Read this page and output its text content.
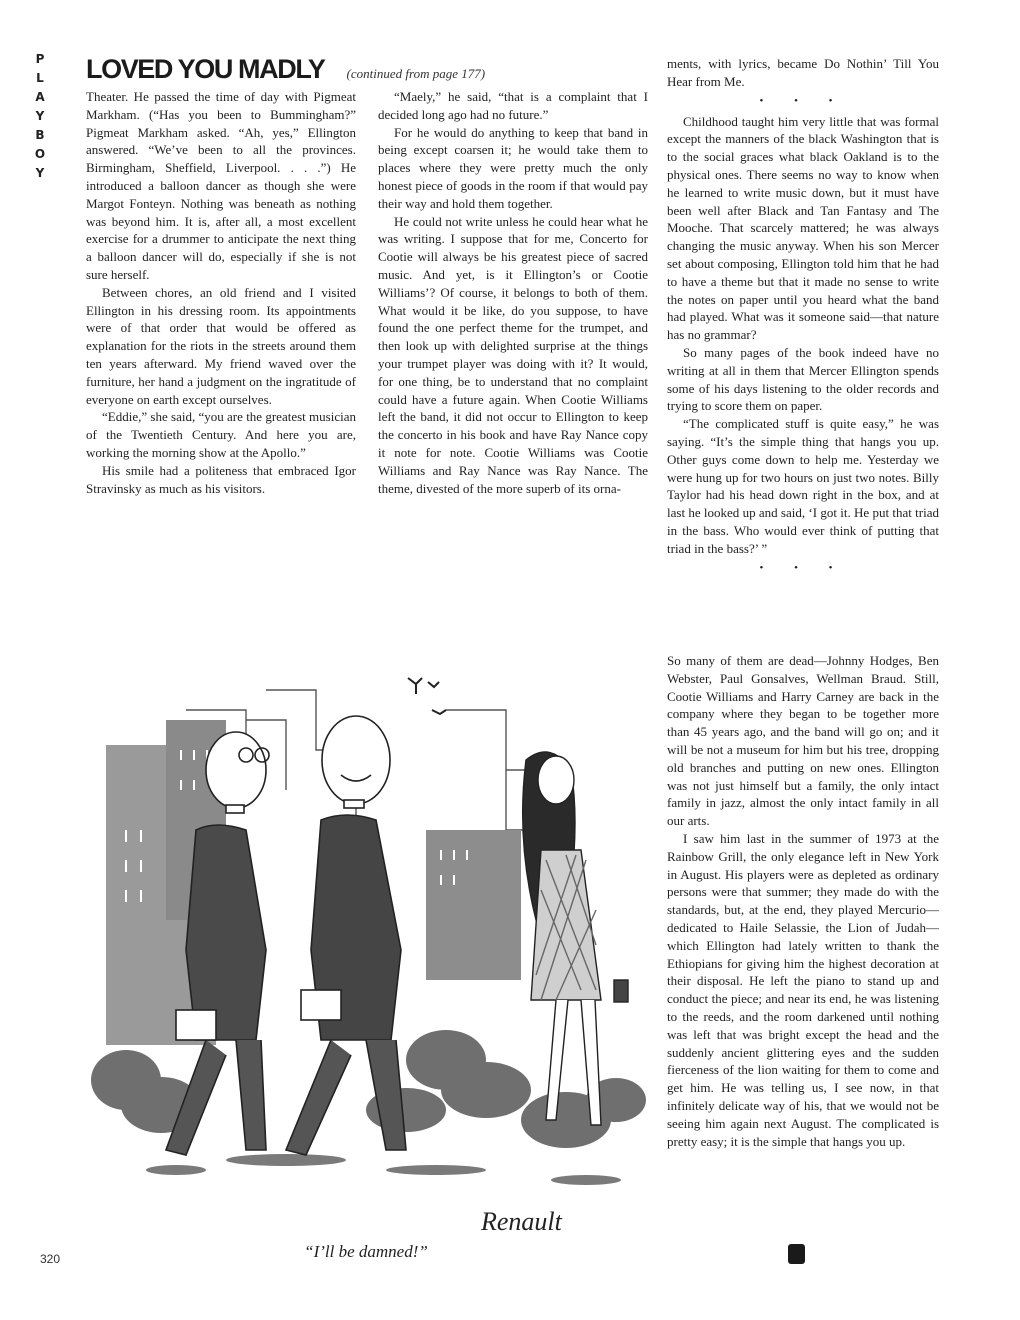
P
L
A
Y
B
O
Y
LOVED YOU MADLY (continued from page 177)

Theater. He passed the time of day with Pigmeat Markham. (“Has you been to Bummingham?” Pigmeat Markham asked. “Ah, yes,” Ellington answered. “We’ve been to all the provinces. Birmingham, Sheffield, Liverpool. . . .”) He introduced a balloon dancer as though she were Margot Fonteyn. Nothing was beneath as nothing was beyond him. It is, after all, a most excellent exercise for a drummer to anticipate the next thing a balloon dancer will do, especially if she is not sure herself.

Between chores, an old friend and I visited Ellington in his dressing room. Its appointments were of that order that would be offered as explanation for the riots in the streets around them ten years afterward. My friend waved over the furniture, her hand a judgment on the ingratitude of everyone on earth except ourselves.

“Eddie,” she said, “you are the greatest musician of the Twentieth Century. And here you are, working the morning show at the Apollo.”

His smile had a politeness that embraced Igor Stravinsky as much as his visitors.

“Maely,” he said, “that is a complaint that I decided long ago had no future.”

For he would do anything to keep that band in being except coarsen it; he would take them to places where they were pretty much the only honest piece of goods in the room if that would pay their way and hold them together.

He could not write unless he could hear what he was writing. I suppose that for me, Concerto for Cootie will always be his greatest piece of sacred music. And yet, is it Ellington’s or Cootie Williams’? Of course, it belongs to both of them. What would it be like, do you suppose, to have found the one perfect theme for the trumpet, and then look up with delighted surprise at the things your trumpet player was doing with it? It would, for one thing, be to understand that no complaint could have a future again. When Cootie Williams left the band, it did not occur to Ellington to keep the concerto in his book and have Ray Nance copy it note for note. Cootie Williams was Cootie Williams and Ray Nance was Ray Nance. The theme, divested of the more superb of its orna-

ments, with lyrics, became Do Nothin’ Till You Hear from Me.

• • •

Childhood taught him very little that was formal except the manners of the black Washington that is to the social graces what black Oakland is to the physical ones. There seems no way to know when he learned to write music down, but it must have been well after Black and Tan Fantasy and The Mooche. That scarcely mattered; he was always changing the music anyway. When his son Mercer set about composing, Ellington told him that he had to have a theme but that it made no sense to write the notes on paper until you heard what the band had played. What was it someone said—that nature has no grammar?

So many pages of the book indeed have no writing at all in them that Mercer Ellington spends some of his days listening to the older records and trying to score them on paper.

“The complicated stuff is quite easy,” he was saying. “It’s the simple thing that hangs you up. Other guys come down to help me. Yesterday we were hung up for two hours on just two notes. Billy Taylor had his head down right in the box, and at last he looked up and said, ‘I got it. He put that triad in the bass. Who would ever think of putting that triad in the bass?’ ”

• • •

So many of them are dead—Johnny Hodges, Ben Webster, Paul Gonsalves, Wellman Braud. Still, Cootie Williams and Harry Carney are back in the company where they began to be together more than 45 years ago, and the band will go on; and it will be not a museum for him but his tree, dropping old branches and putting on new ones. Ellington was not just himself but a family, the only intact family in jazz, almost the only intact family in all our arts.

I saw him last in the summer of 1973 at the Rainbow Grill, the only elegance left in New York in August. His players were as depleted as ordinary persons were that summer; they made do with the standards, but, at the end, they played Mercurio—dedicated to Haile Selassie, the Lion of Judah—which Ellington had lately written to thank the Ethiopians for giving him the highest decoration at their disposal. He left the piano to stand up and conduct the piece; and near its end, he was listening to the reeds, and the room darkened until nothing was left that was bright except the head and the suddenly ancient glittering eyes and the sudden fierceness of the lion waiting for them to come and get him. He was telling us, I see now, in that infinitely delicate way of his, that we would not be seeing him again next August. The complicated is pretty easy; it is the simple that hangs you up.

Renault
“I’ll be damned!”
320
